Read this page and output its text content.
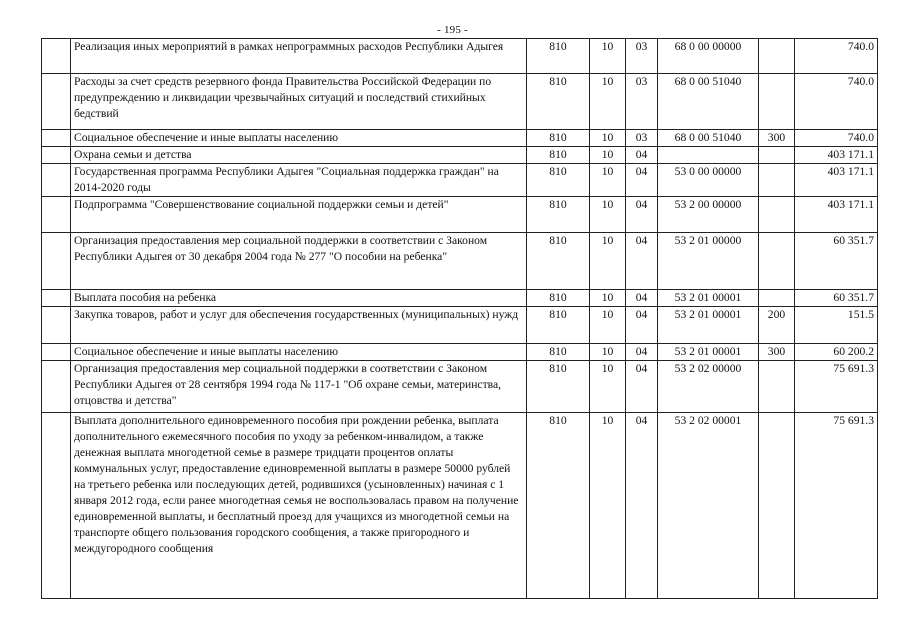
- 195 -
	Реализация иных мероприятий в рамках непрограммных расходов Республики Адыгея	810	10	03	68 0 00 00000		740.0
	Расходы за счет средств резервного фонда Правительства Российской Федерации по предупреждению и ликвидации чрезвычайных ситуаций и последствий стихийных бедствий	810	10	03	68 0 00 51040		740.0
	Социальное обеспечение и иные выплаты населению	810	10	03	68 0 00 51040	300	740.0
	Охрана семьи и детства	810	10	04			403 171.1
	Государственная программа Республики Адыгея "Социальная поддержка граждан" на 2014-2020 годы	810	10	04	53 0 00 00000		403 171.1
	Подпрограмма "Совершенствование социальной поддержки семьи и детей"	810	10	04	53 2 00 00000		403 171.1
	Организация предоставления мер социальной поддержки в соответствии с Законом Республики Адыгея от 30 декабря 2004 года № 277 "О пособии на ребенка"	810	10	04	53 2 01 00000		60 351.7
	Выплата пособия на ребенка	810	10	04	53 2 01 00001		60 351.7
	Закупка товаров, работ и услуг для обеспечения государственных (муниципальных) нужд	810	10	04	53 2 01 00001	200	151.5
	Социальное обеспечение и иные выплаты населению	810	10	04	53 2 01 00001	300	60 200.2
	Организация предоставления мер социальной поддержки в соответствии с Законом Республики Адыгея от 28 сентября 1994 года № 117-1 "Об охране семьи, материнства, отцовства и детства"	810	10	04	53 2 02 00000		75 691.3
	Выплата дополнительного единовременного пособия при рождении ребенка, выплата дополнительного ежемесячного пособия по уходу за ребенком-инвалидом, а также денежная выплата многодетной семье в размере тридцати процентов оплаты коммунальных услуг, предоставление единовременной выплаты в размере 50000 рублей на третьего ребенка или последующих детей, родившихся (усыновленных) начиная с 1 января 2012 года, если ранее многодетная семья не воспользовалась правом на получение единовременной выплаты, и бесплатный проезд для учащихся из многодетной семьи на транспорте общего пользования городского сообщения, а также пригородного и междугородного сообщения	810	10	04	53 2 02 00001		75 691.3
